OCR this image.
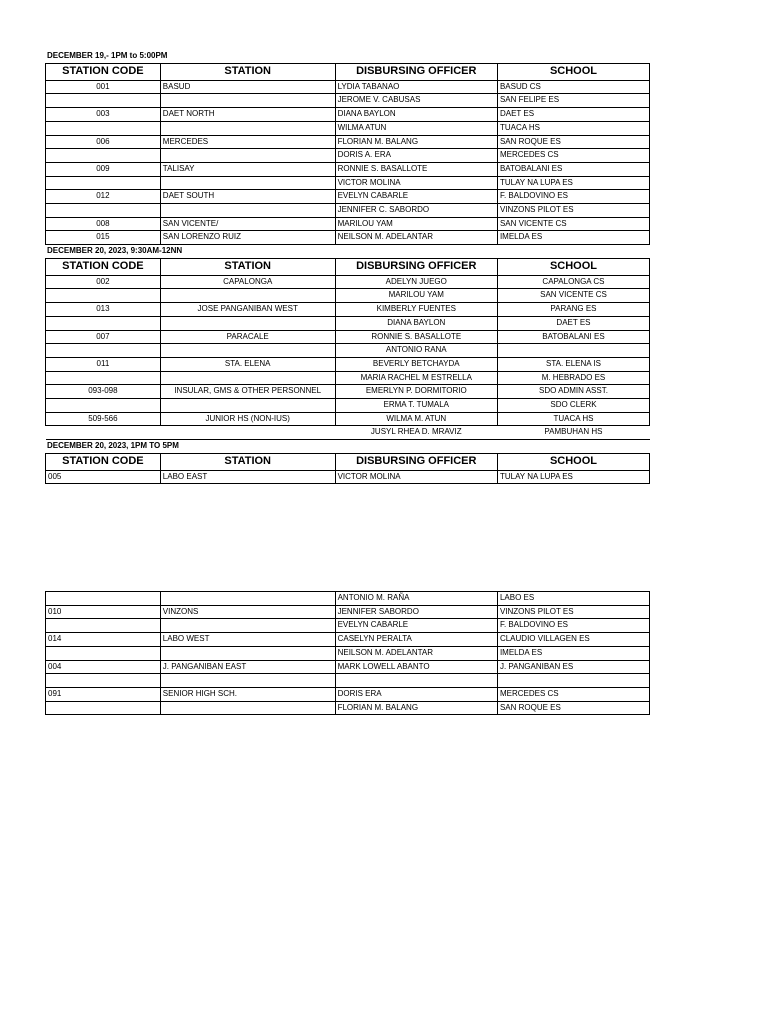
DECEMBER 19,- 1PM to 5:00PM
STATION CODE	STATION	DISBURSING OFFICER	SCHOOL
001	BASUD	LYDIA TABANAO	BASUD CS
		JEROME V. CABUSAS	SAN FELIPE ES
003	DAET NORTH	DIANA BAYLON	DAET ES
		WILMA ATUN	TUACA HS
006	MERCEDES	FLORIAN M. BALANG	SAN ROQUE ES
		DORIS A. ERA	MERCEDES CS
009	TALISAY	RONNIE S. BASALLOTE	BATOBALANI ES
		VICTOR MOLINA	TULAY NA LUPA ES
012	DAET SOUTH	EVELYN CABARLE	F. BALDOVINO ES
		JENNIFER C. SABORDO	VINZONS PILOT ES
008	SAN VICENTE/	MARILOU YAM	SAN VICENTE CS
015	SAN LORENZO RUIZ	NEILSON M. ADELANTAR	IMELDA ES
DECEMBER 20, 2023, 9:30AM-12NN
STATION CODE	STATION	DISBURSING OFFICER	SCHOOL
002	CAPALONGA	ADELYN JUEGO	CAPALONGA CS
		MARILOU YAM	SAN VICENTE CS
013	JOSE PANGANIBAN WEST	KIMBERLY FUENTES	PARANG ES
		DIANA BAYLON	DAET ES
007	PARACALE	RONNIE S. BASALLOTE	BATOBALANI ES
		ANTONIO RANA	
011	STA. ELENA	BEVERLY BETCHAYDA	STA. ELENA IS
		MARIA RACHEL M ESTRELLA	M. HEBRADO ES
093-098	INSULAR, GMS & OTHER PERSONNEL	EMERLYN P. DORMITORIO	SDO ADMIN ASST.
		ERMA T. TUMALA	SDO CLERK
509-566	JUNIOR HS (NON-IUS)	WILMA M. ATUN	TUACA HS
		JUSYL RHEA D. MRAVIZ	PAMBUHAN HS
DECEMBER 20, 2023, 1PM TO 5PM
STATION CODE	STATION	DISBURSING OFFICER	SCHOOL
005	LABO EAST	VICTOR MOLINA	TULAY NA LUPA ES
		ANTONIO M. RAÑA	LABO ES
010	VINZONS	JENNIFER SABORDO	VINZONS PILOT ES
		EVELYN CABARLE	F. BALDOVINO ES
014	LABO WEST	CASELYN PERALTA	CLAUDIO VILLAGEN ES
		NEILSON M. ADELANTAR	IMELDA ES
004	J. PANGANIBAN EAST	MARK LOWELL ABANTO	J. PANGANIBAN ES

091	SENIOR HIGH SCH.	DORIS ERA	MERCEDES CS
		FLORIAN M. BALANG	SAN ROQUE ES
